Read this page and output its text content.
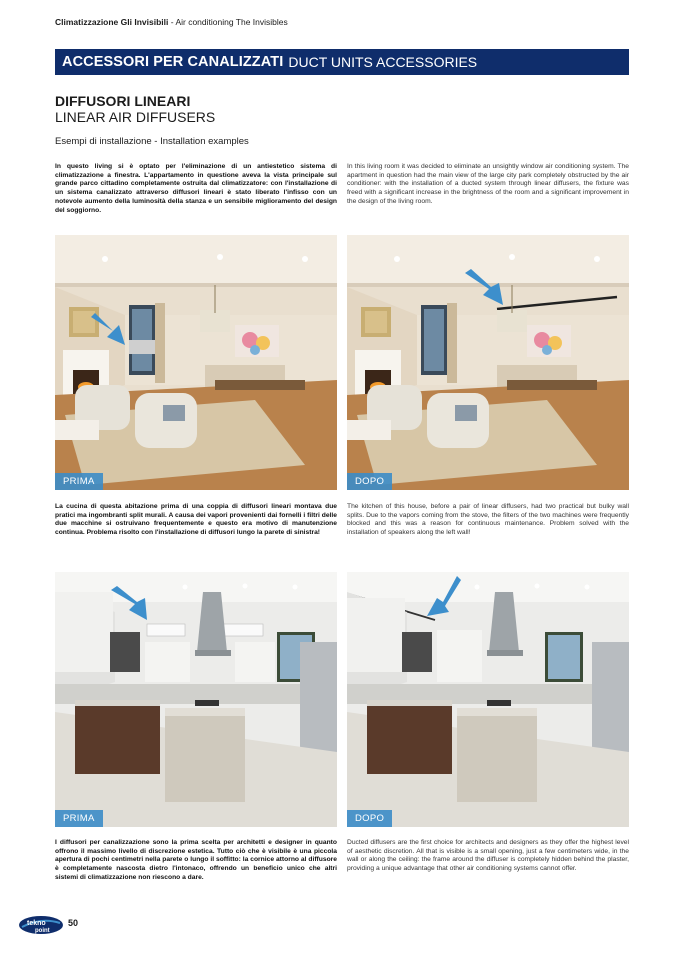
Climatizzazione Gli Invisibili - Air conditioning The Invisibles
ACCESSORI PER CANALIZZATI DUCT UNITS ACCESSORIES
DIFFUSORI LINEARI
LINEAR AIR DIFFUSERS
Esempi di installazione - Installation examples
In questo living si è optato per l'eliminazione di un antiestetico sistema di climatizzazione a finestra. L'appartamento in questione aveva la vista principale sul grande parco cittadino completamente ostruita dal climatizzatore: con l'installazione di un sistema canalizzato attraverso diffusori lineari è stato liberato l'infisso con un notevole aumento della luminosità della stanza e un sensibile miglioramento del design del soggiorno.
In this living room it was decided to eliminate an unsightly window air conditioning system. The apartment in question had the main view of the large city park completely obstructed by the air conditioner: with the installation of a ducted system through linear diffusers, the fixture was freed with a significant increase in the brightness of the room and a significant improvement in the design of the living room.
PRIMA	DOPO
La cucina di questa abitazione prima di una coppia di diffusori lineari montava due pratici ma ingombranti split murali. A causa dei vapori provenienti dai fornelli i filtri delle due macchine si ostruivano frequentemente e questo era motivo di manutenzione continua. Problema risolto con l'installazione di diffusori lungo la parete di sinistra!
The kitchen of this house, before a pair of linear diffusers, had two practical but bulky wall splits. Due to the vapors coming from the stove, the filters of the two machines were frequently blocked and this was a reason for continuous maintenance. Problem solved with the installation of speakers along the left wall!
PRIMA	DOPO
I diffusori per canalizzazione sono la prima scelta per architetti e designer in quanto offrono il massimo livello di discrezione estetica. Tutto ciò che è visibile è una piccola apertura di pochi centimetri nella parete o lungo il soffitto: la cornice attorno al diffusore è completamente nascosta dietro l'intonaco, offrendo un beneficio unico che altri sistemi di climatizzazione non riescono a dare.
Ducted diffusers are the first choice for architects and designers as they offer the highest level of aesthetic discretion. All that is visible is a small opening, just a few centimeters wide, in the wall or along the ceiling: the frame around the diffuser is completely hidden behind the plaster, providing a unique advantage that other air conditioning systems cannot offer.
tekno
point
50
